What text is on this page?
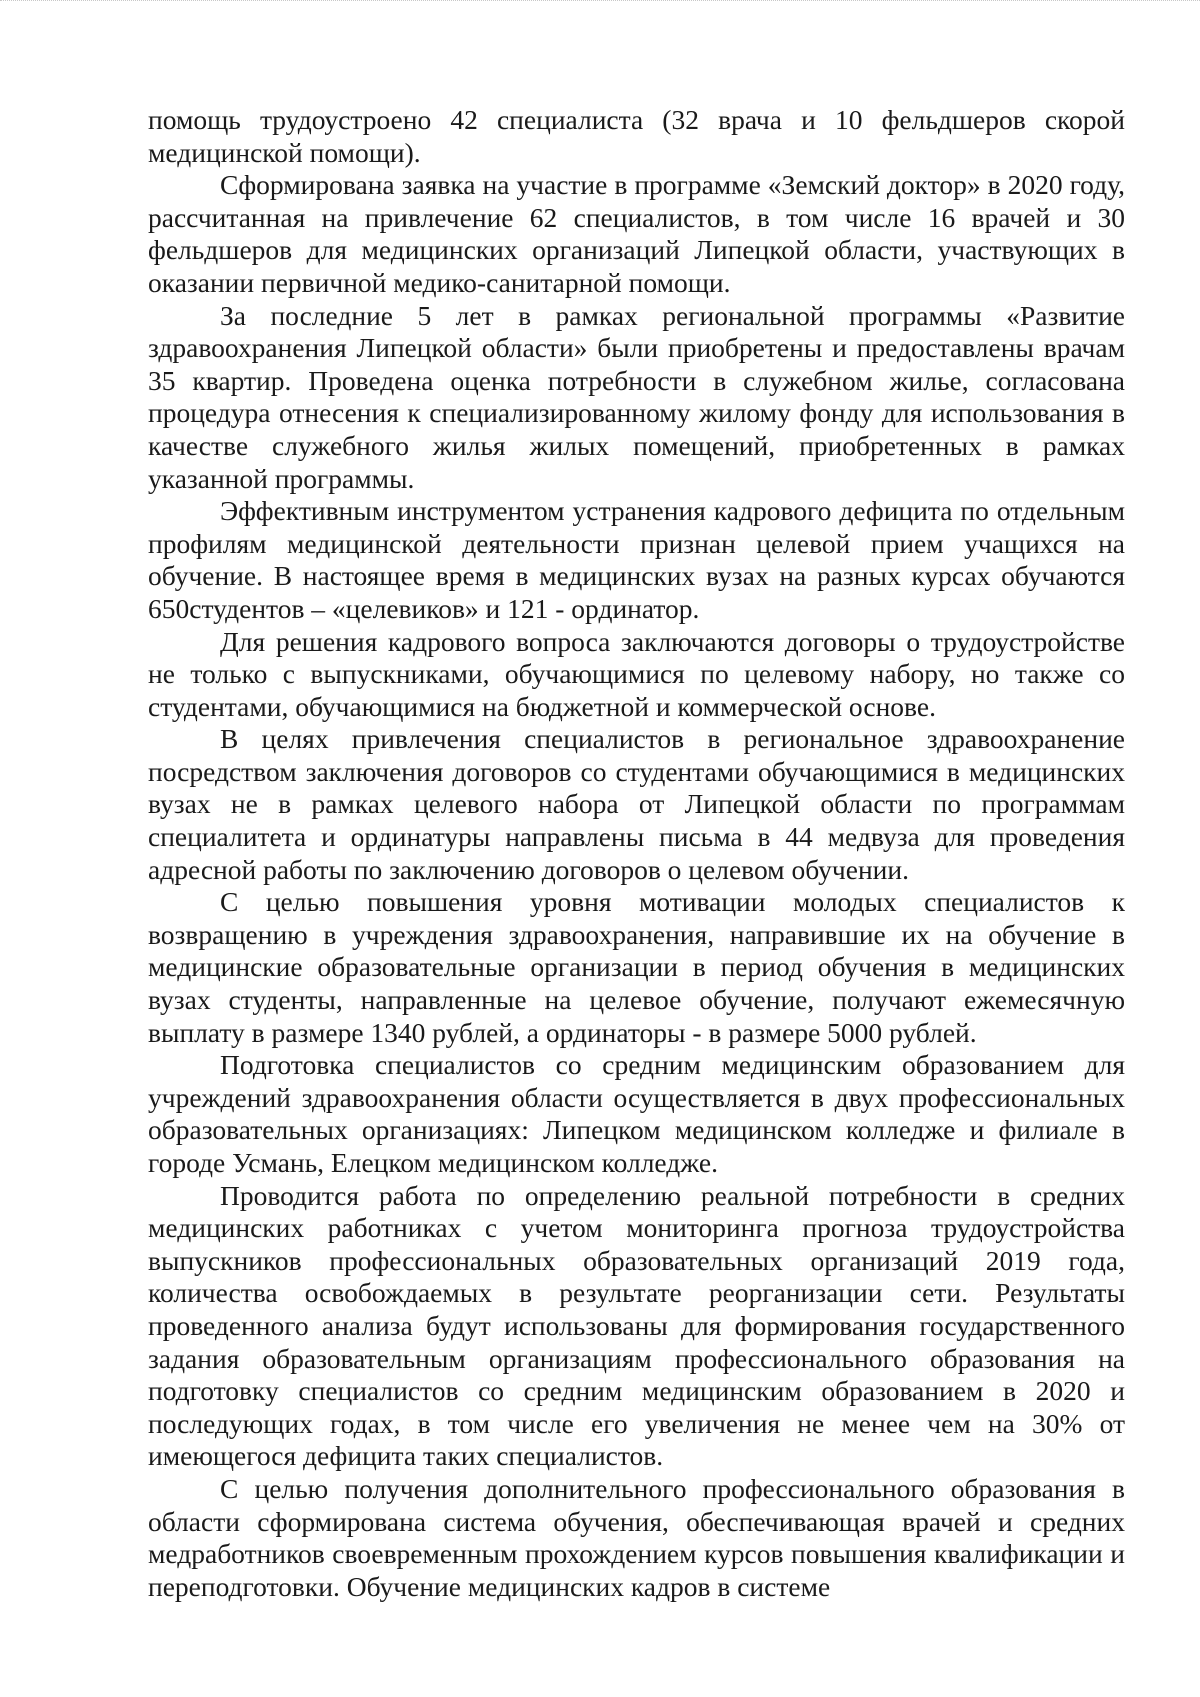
помощь трудоустроено 42 специалиста (32 врача и 10 фельдшеров скорой медицинской помощи).

Сформирована заявка на участие в программе «Земский доктор» в 2020 году, рассчитанная на привлечение 62 специалистов, в том числе 16 врачей и 30 фельдшеров для медицинских организаций Липецкой области, участвующих в оказании первичной медико-санитарной помощи.

За последние 5 лет в рамках региональной программы «Развитие здравоохранения Липецкой области» были приобретены и предоставлены врачам 35 квартир. Проведена оценка потребности в служебном жилье, согласована процедура отнесения к специализированному жилому фонду для использования в качестве служебного жилья жилых помещений, приобретенных в рамках указанной программы.

Эффективным инструментом устранения кадрового дефицита по отдельным профилям медицинской деятельности признан целевой прием учащихся на обучение. В настоящее время в медицинских вузах на разных курсах обучаются 650студентов – «целевиков» и 121 - ординатор.

Для решения кадрового вопроса заключаются договоры о трудоустройстве не только с выпускниками, обучающимися по целевому набору, но также со студентами, обучающимися на бюджетной и коммерческой основе.

В целях привлечения специалистов в региональное здравоохранение посредством заключения договоров со студентами обучающимися в медицинских вузах не в рамках целевого набора от Липецкой области по программам специалитета и ординатуры направлены письма в 44 медвуза для проведения адресной работы по заключению договоров о целевом обучении.

С целью повышения уровня мотивации молодых специалистов к возвращению в учреждения здравоохранения, направившие их на обучение в медицинские образовательные организации в период обучения в медицинских вузах студенты, направленные на целевое обучение, получают ежемесячную выплату в размере 1340 рублей, а ординаторы - в размере 5000 рублей.

Подготовка специалистов со средним медицинским образованием для учреждений здравоохранения области осуществляется в двух профессиональных образовательных организациях: Липецком медицинском колледже и филиале в городе Усмань, Елецком медицинском колледже.

Проводится работа по определению реальной потребности в средних медицинских работниках с учетом мониторинга прогноза трудоустройства выпускников профессиональных образовательных организаций 2019 года, количества освобождаемых в результате реорганизации сети. Результаты проведенного анализа будут использованы для формирования государственного задания образовательным организациям профессионального образования на подготовку специалистов со средним медицинским образованием в 2020 и последующих годах, в том числе его увеличения не менее чем на 30% от имеющегося дефицита таких специалистов.

С целью получения дополнительного профессионального образования в области сформирована система обучения, обеспечивающая врачей и средних медработников своевременным прохождением курсов повышения квалификации и переподготовки. Обучение медицинских кадров в системе
